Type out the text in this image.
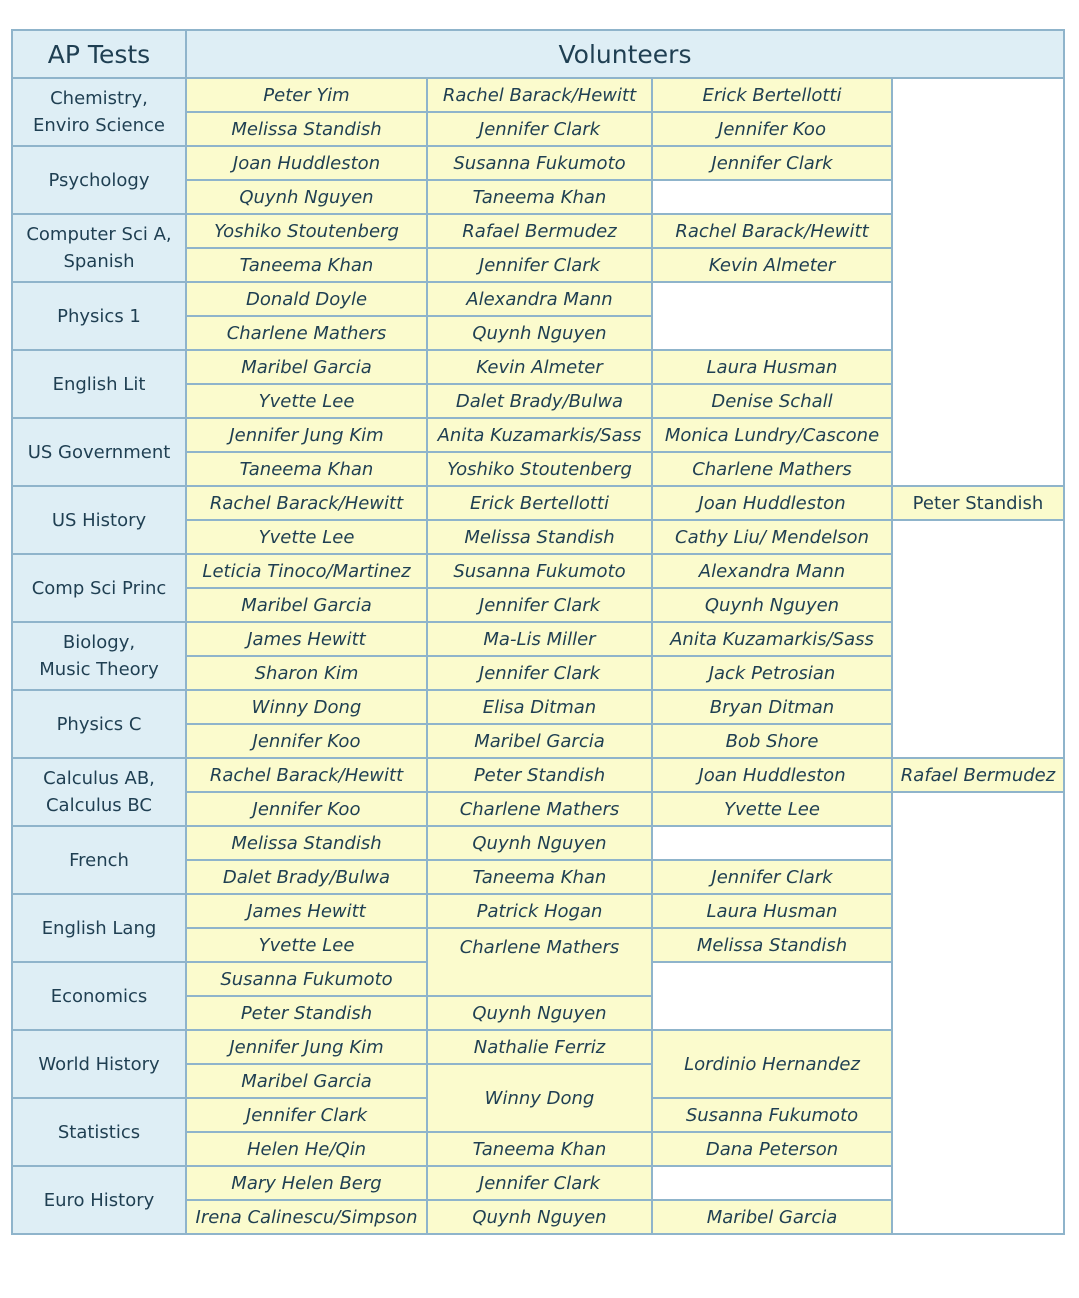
AP Tests	Volunteers			
Chemistry,
Enviro Science	Peter Yim	Rachel Barack/Hewitt	Erick Bertellotti	
	Melissa Standish	Jennifer Clark	Jennifer Koo	
Psychology	Joan Huddleston	Susanna Fukumoto	Jennifer Clark	
	Quynh Nguyen	Taneema Khan		
Computer Sci A,
Spanish	Yoshiko Stoutenberg	Rafael Bermudez	Rachel Barack/Hewitt	
	Taneema Khan	Jennifer Clark	Kevin Almeter	
Physics 1	Donald Doyle	Alexandra Mann		
	Charlene Mathers	Quynh Nguyen		
English Lit	Maribel Garcia	Kevin Almeter	Laura Husman	
	Yvette Lee	Dalet Brady/Bulwa	Denise Schall	
US Government	Jennifer Jung Kim	Anita Kuzamarkis/Sass	Monica Lundry/Cascone	
	Taneema Khan	Yoshiko Stoutenberg	Charlene Mathers	
US History	Rachel Barack/Hewitt	Erick Bertellotti	Joan Huddleston	Peter Standish
	Yvette Lee	Melissa Standish	Cathy Liu/ Mendelson	
Comp Sci Princ	Leticia Tinoco/Martinez	Susanna Fukumoto	Alexandra Mann	
	Maribel Garcia	Jennifer Clark	Quynh Nguyen	
Biology,
Music Theory	James Hewitt	Ma-Lis Miller	Anita Kuzamarkis/Sass	
	Sharon Kim	Jennifer Clark	Jack Petrosian	
Physics C	Winny Dong	Elisa Ditman	Bryan Ditman	
	Jennifer Koo	Maribel Garcia	Bob Shore	
Calculus AB,
Calculus BC	Rachel Barack/Hewitt	Peter Standish	Joan Huddleston	Rafael Bermudez
	Jennifer Koo	Charlene Mathers	Yvette Lee	
French	Melissa Standish	Quynh Nguyen		
	Dalet Brady/Bulwa	Taneema Khan	Jennifer Clark	
English Lang	James Hewitt	Patrick Hogan	Laura Husman	
	Yvette Lee	Charlene Mathers	Melissa Standish	
Economics	Susanna Fukumoto			
	Peter Standish	Quynh Nguyen		
World History	Jennifer Jung Kim	Nathalie Ferriz	Lordinio Hernandez	
	Maribel Garcia	Winny Dong		
Statistics	Jennifer Clark		Susanna Fukumoto	
	Helen He/Qin	Taneema Khan	Dana Peterson	
Euro History	Mary Helen Berg	Jennifer Clark		
	Irena Calinescu/Simpson	Quynh Nguyen	Maribel Garcia	
